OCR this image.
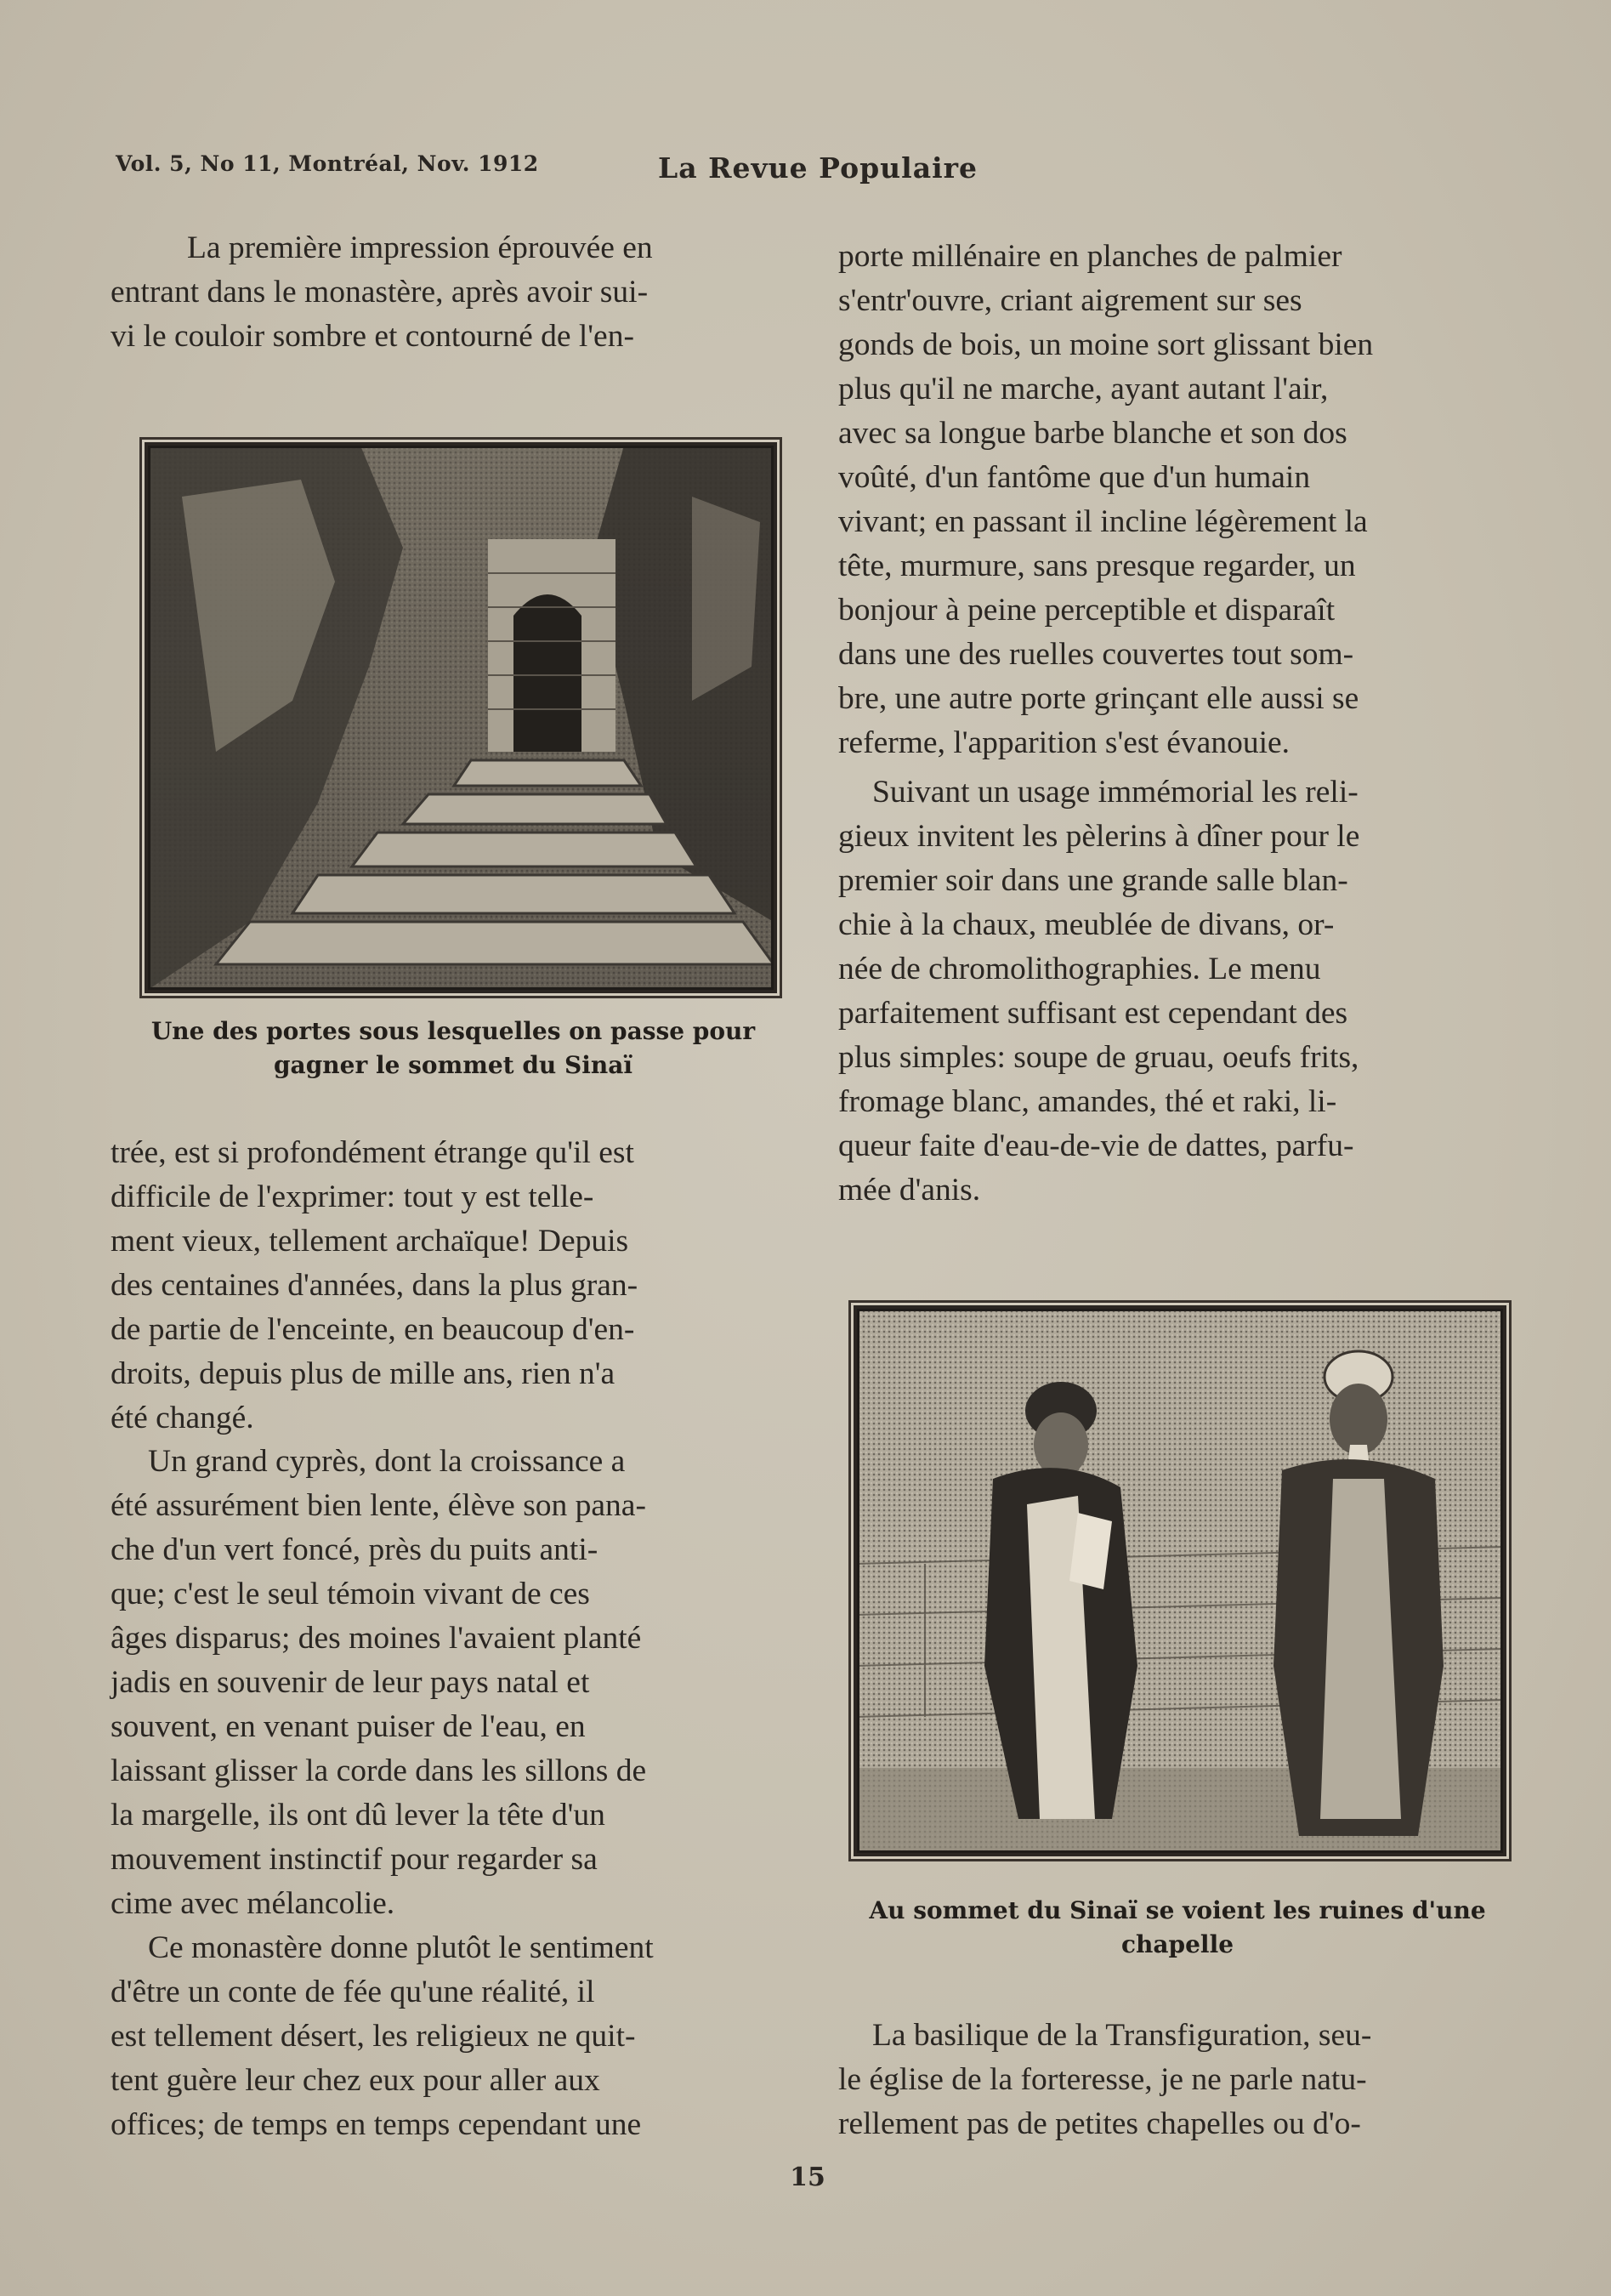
Vol. 5, No 11, Montréal, Nov. 1912	La Revue Populaire
La première impression éprouvée en
entrant dans le monastère, après avoir sui-
vi le couloir sombre et contourné de l'en-
Une des portes sous lesquelles on passe pour gagner le sommet du Sinaï
trée, est si profondément étrange qu'il est
difficile de l'exprimer: tout y est telle-
ment vieux, tellement archaïque! Depuis
des centaines d'années, dans la plus gran-
de partie de l'enceinte, en beaucoup d'en-
droits, depuis plus de mille ans, rien n'a
été changé.
Un grand cyprès, dont la croissance a
été assurément bien lente, élève son pana-
che d'un vert foncé, près du puits anti-
que; c'est le seul témoin vivant de ces
âges disparus; des moines l'avaient planté
jadis en souvenir de leur pays natal et
souvent, en venant puiser de l'eau, en
laissant glisser la corde dans les sillons de
la margelle, ils ont dû lever la tête d'un
mouvement instinctif pour regarder sa
cime avec mélancolie.
Ce monastère donne plutôt le sentiment
d'être un conte de fée qu'une réalité, il
est tellement désert, les religieux ne quit-
tent guère leur chez eux pour aller aux
offices; de temps en temps cependant une
porte millénaire en planches de palmier
s'entr'ouvre, criant aigrement sur ses
gonds de bois, un moine sort glissant bien
plus qu'il ne marche, ayant autant l'air,
avec sa longue barbe blanche et son dos
voûté, d'un fantôme que d'un humain
vivant; en passant il incline légèrement la
tête, murmure, sans presque regarder, un
bonjour à peine perceptible et disparaît
dans une des ruelles couvertes tout som-
bre, une autre porte grinçant elle aussi se
referme, l'apparition s'est évanouie.
Suivant un usage immémorial les reli-
gieux invitent les pèlerins à dîner pour le
premier soir dans une grande salle blan-
chie à la chaux, meublée de divans, or-
née de chromolithographies. Le menu
parfaitement suffisant est cependant des
plus simples: soupe de gruau, oeufs frits,
fromage blanc, amandes, thé et raki, li-
queur faite d'eau-de-vie de dattes, parfu-
mée d'anis.
Au sommet du Sinaï se voient les ruines d'une chapelle
La basilique de la Transfiguration, seu-
le église de la forteresse, je ne parle natu-
rellement pas de petites chapelles ou d'o-
15
